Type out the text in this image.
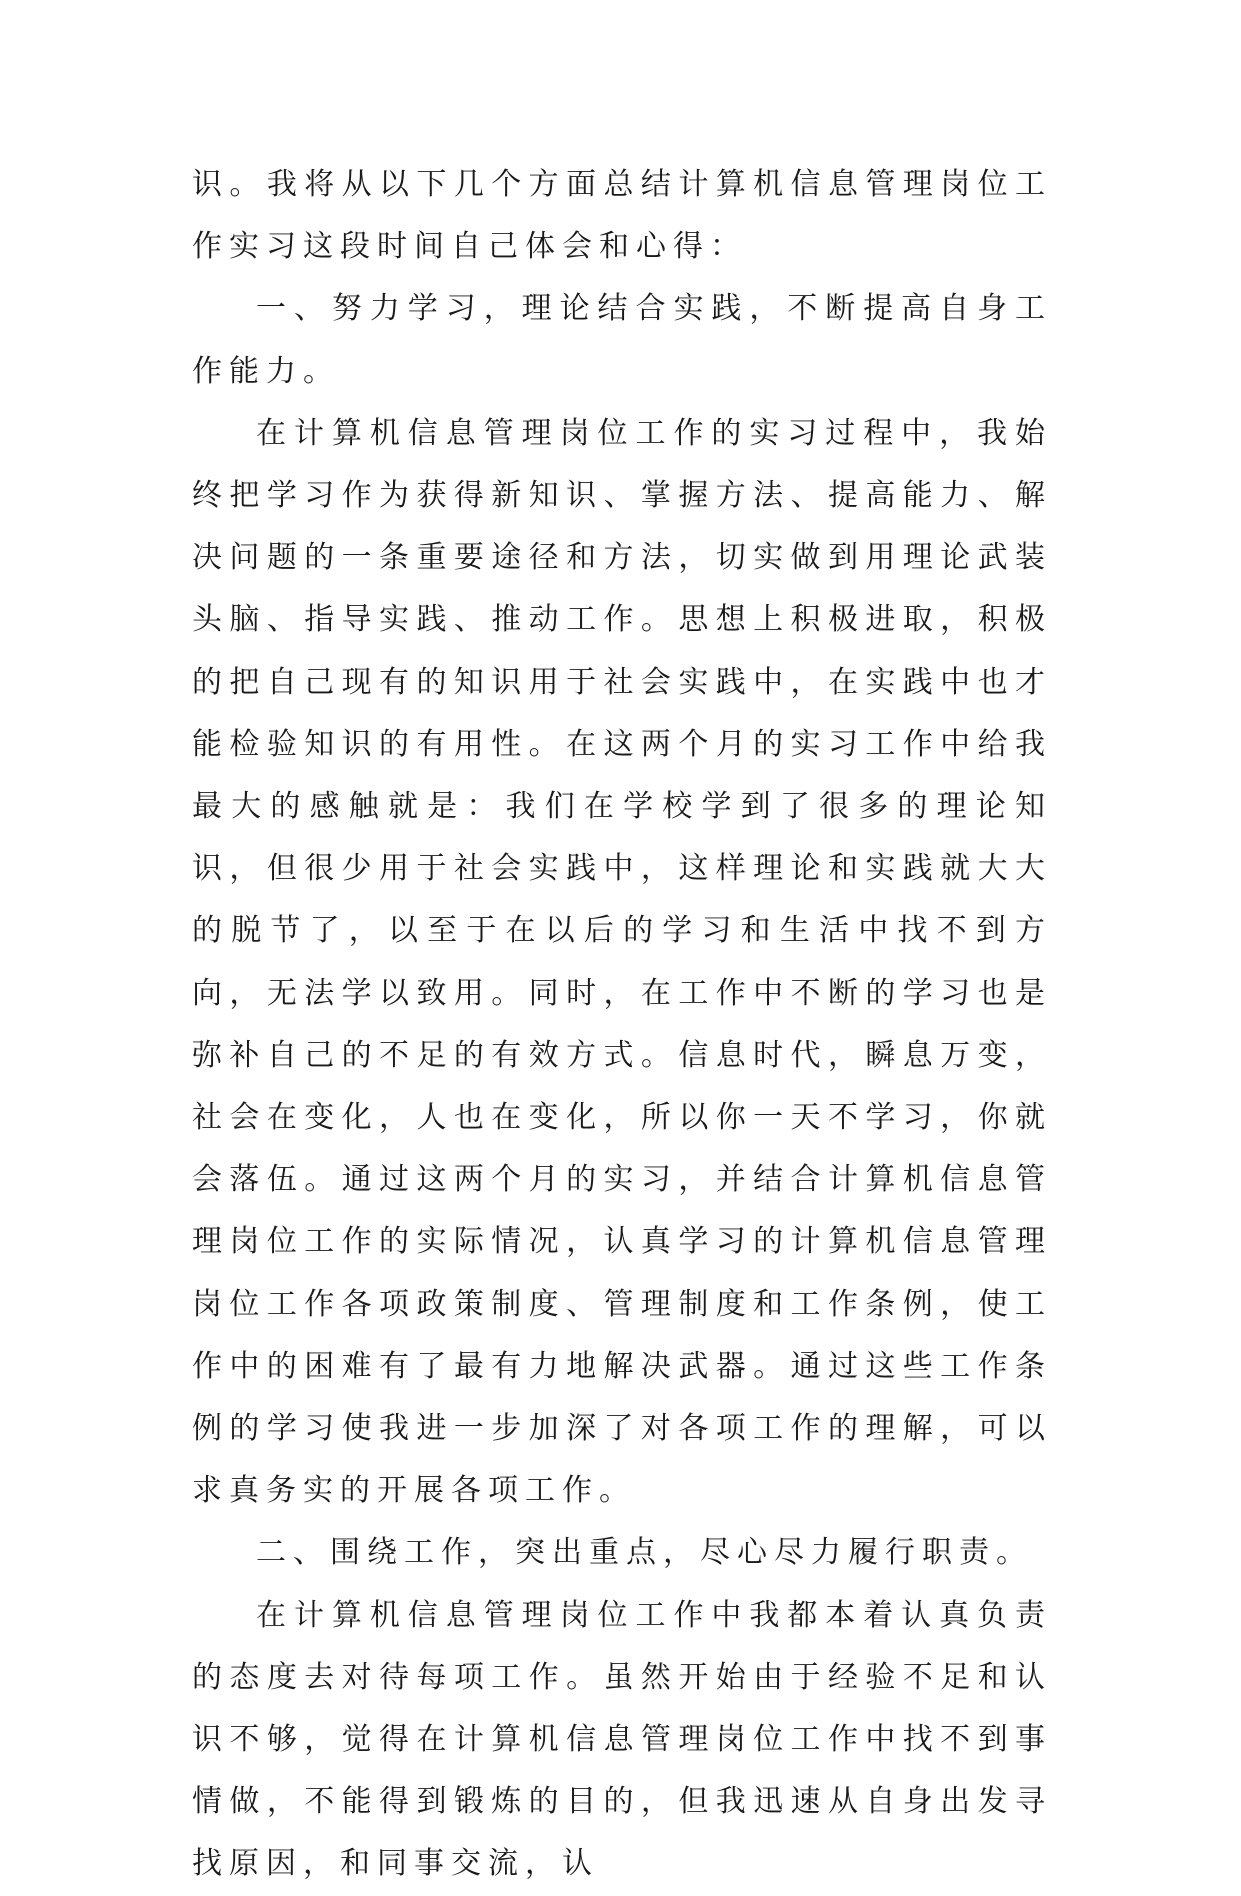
识。我将从以下几个方面总结计算机信息管理岗位工作实习这段时间自己体会和心得：

一、努力学习，理论结合实践，不断提高自身工作能力。

在计算机信息管理岗位工作的实习过程中，我始终把学习作为获得新知识、掌握方法、提高能力、解决问题的一条重要途径和方法，切实做到用理论武装头脑、指导实践、推动工作。思想上积极进取，积极的把自己现有的知识用于社会实践中，在实践中也才能检验知识的有用性。在这两个月的实习工作中给我最大的感触就是：我们在学校学到了很多的理论知识，但很少用于社会实践中，这样理论和实践就大大的脱节了，以至于在以后的学习和生活中找不到方向，无法学以致用。同时，在工作中不断的学习也是弥补自己的不足的有效方式。信息时代，瞬息万变，社会在变化，人也在变化，所以你一天不学习，你就会落伍。通过这两个月的实习，并结合计算机信息管理岗位工作的实际情况，认真学习的计算机信息管理岗位工作各项政策制度、管理制度和工作条例，使工作中的困难有了最有力地解决武器。通过这些工作条例的学习使我进一步加深了对各项工作的理解，可以求真务实的开展各项工作。

二、围绕工作，突出重点，尽心尽力履行职责。

在计算机信息管理岗位工作中我都本着认真负责的态度去对待每项工作。虽然开始由于经验不足和认识不够，觉得在计算机信息管理岗位工作中找不到事情做，不能得到锻炼的目的，但我迅速从自身出发寻找原因，和同事交流，认
